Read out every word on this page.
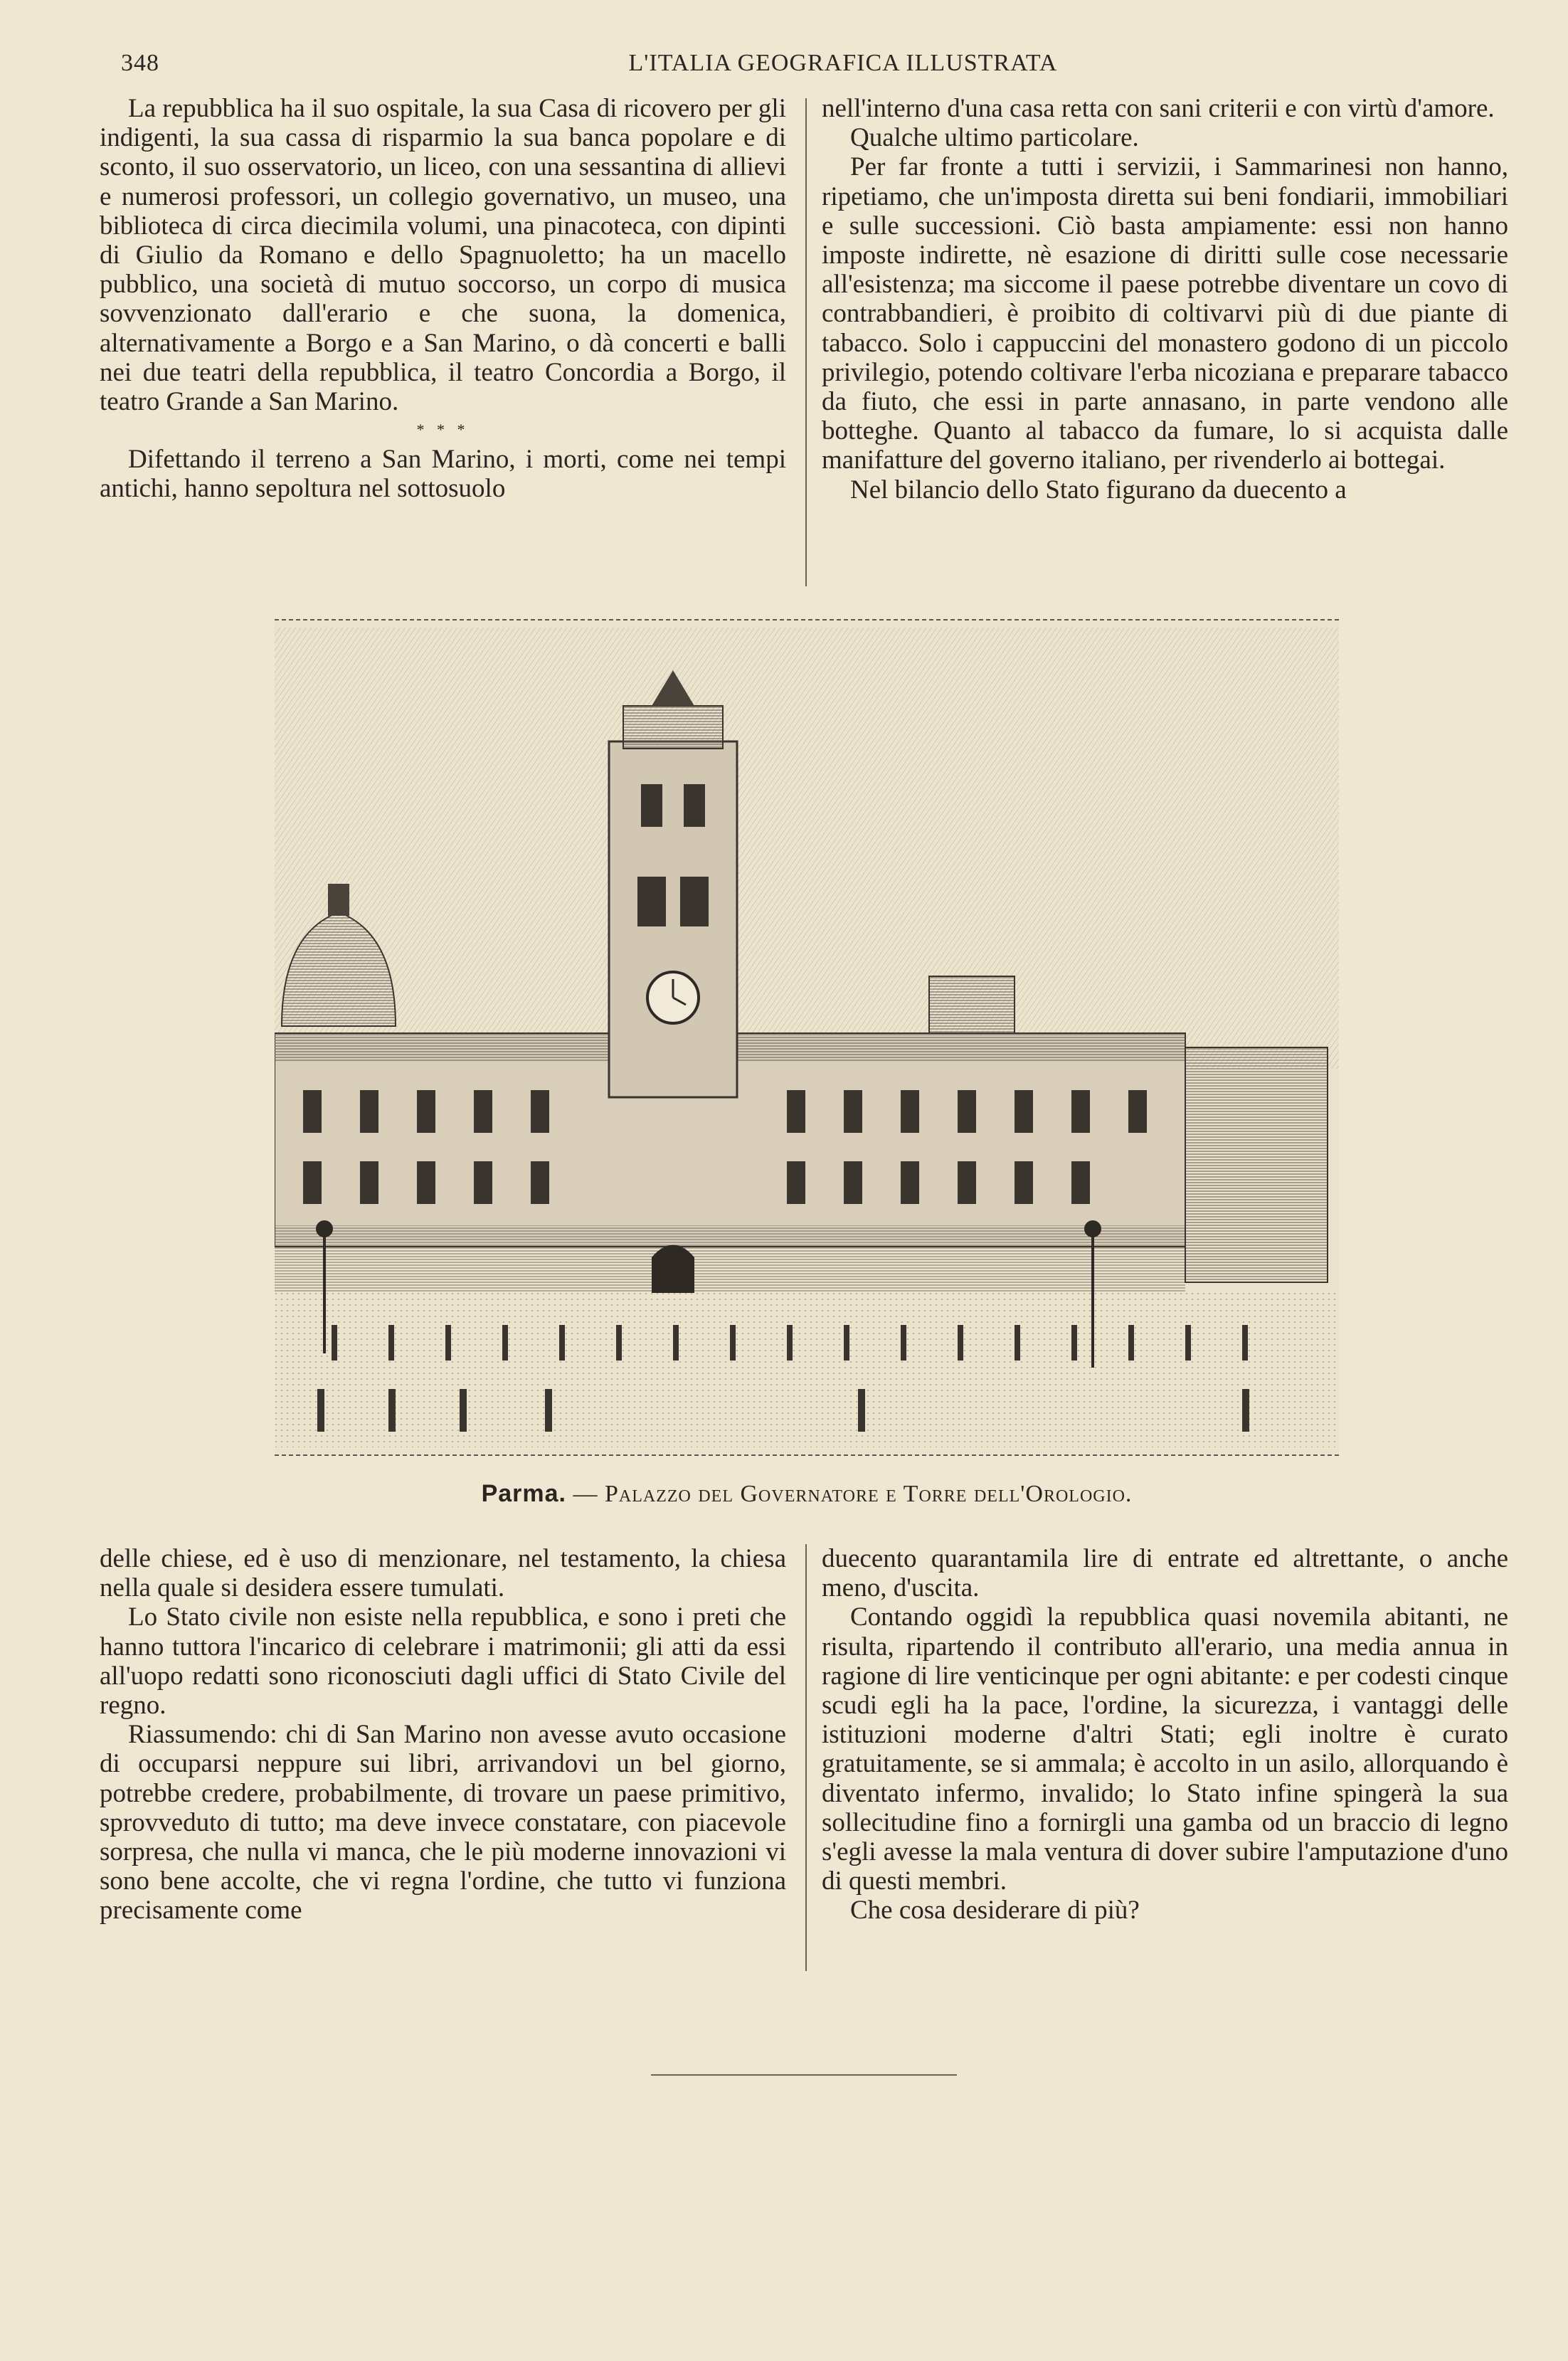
348	L'ITALIA GEOGRAFICA ILLUSTRATA

La repubblica ha il suo ospitale, la sua Casa di ricovero per gli indigenti, la sua cassa di risparmio la sua banca popolare e di sconto, il suo osservatorio, un liceo, con una sessantina di allievi e numerosi professori, un collegio governativo, un museo, una biblioteca di circa diecimila volumi, una pinacoteca, con dipinti di Giulio da Romano e dello Spagnuoletto; ha un macello pubblico, una società di mutuo soccorso, un corpo di musica sovvenzionato dall'erario e che suona, la domenica, alternativamente a Borgo e a San Marino, o dà concerti e balli nei due teatri della repubblica, il teatro Concordia a Borgo, il teatro Grande a San Marino.

* * *

Difettando il terreno a San Marino, i morti, come nei tempi antichi, hanno sepoltura nel sottosuolo

nell'interno d'una casa retta con sani criterii e con virtù d'amore.

Qualche ultimo particolare.

Per far fronte a tutti i servizii, i Sammarinesi non hanno, ripetiamo, che un'imposta diretta sui beni fondiarii, immobiliari e sulle successioni. Ciò basta ampiamente: essi non hanno imposte indirette, nè esazione di diritti sulle cose necessarie all'esistenza; ma siccome il paese potrebbe diventare un covo di contrabbandieri, è proibito di coltivarvi più di due piante di tabacco. Solo i cappuccini del monastero godono di un piccolo privilegio, potendo coltivare l'erba nicoziana e preparare tabacco da fiuto, che essi in parte annasano, in parte vendono alle botteghe. Quanto al tabacco da fumare, lo si acquista dalle manifatture del governo italiano, per rivenderlo ai bottegai.

Nel bilancio dello Stato figurano da duecento a

Parma. — Palazzo del Governatore e Torre dell'Orologio.

delle chiese, ed è uso di menzionare, nel testamento, la chiesa nella quale si desidera essere tumulati.

Lo Stato civile non esiste nella repubblica, e sono i preti che hanno tuttora l'incarico di celebrare i matrimonii; gli atti da essi all'uopo redatti sono riconosciuti dagli uffici di Stato Civile del regno.

Riassumendo: chi di San Marino non avesse avuto occasione di occuparsi neppure sui libri, arrivandovi un bel giorno, potrebbe credere, probabilmente, di trovare un paese primitivo, sprovveduto di tutto; ma deve invece constatare, con piacevole sorpresa, che nulla vi manca, che le più moderne innovazioni vi sono bene accolte, che vi regna l'ordine, che tutto vi funziona precisamente come

duecento quarantamila lire di entrate ed altrettante, o anche meno, d'uscita.

Contando oggidì la repubblica quasi novemila abitanti, ne risulta, ripartendo il contributo all'erario, una media annua in ragione di lire venticinque per ogni abitante: e per codesti cinque scudi egli ha la pace, l'ordine, la sicurezza, i vantaggi delle istituzioni moderne d'altri Stati; egli inoltre è curato gratuitamente, se si ammala; è accolto in un asilo, allorquando è diventato infermo, invalido; lo Stato infine spingerà la sua sollecitudine fino a fornirgli una gamba od un braccio di legno s'egli avesse la mala ventura di dover subire l'amputazione d'uno di questi membri.

Che cosa desiderare di più?
